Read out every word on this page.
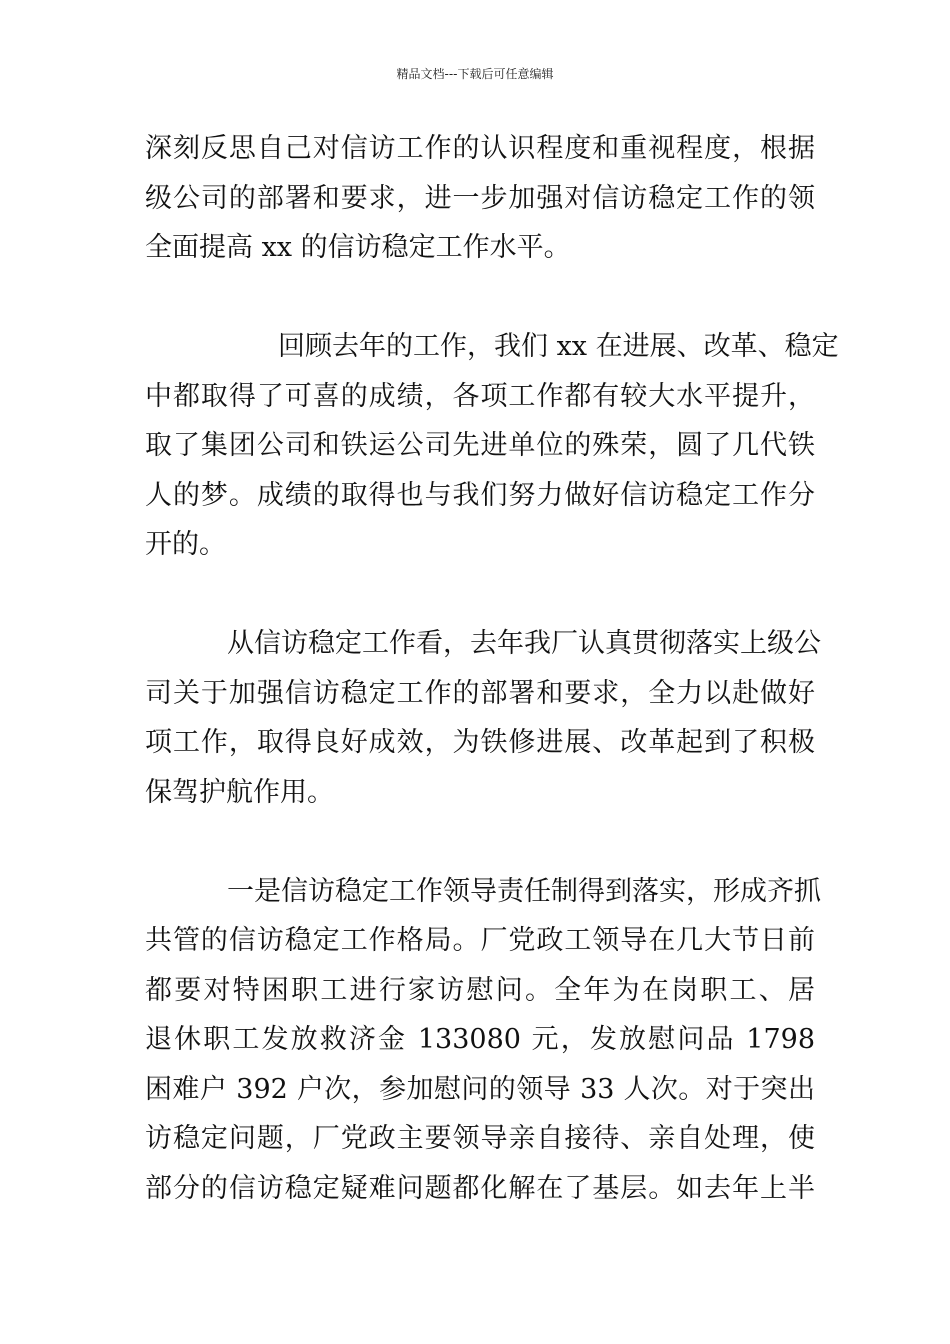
精品文档---下载后可任意编辑

深刻反思自己对信访工作的认识程度和重视程度，根据
级公司的部署和要求，进一步加强对信访稳定工作的领
全面提高 xx 的信访稳定工作水平。

回顾去年的工作，我们 xx 在进展、改革、稳定
中都取得了可喜的成绩，各项工作都有较大水平提升，
取了集团公司和铁运公司先进单位的殊荣，圆了几代铁
人的梦。成绩的取得也与我们努力做好信访稳定工作分
开的。

从信访稳定工作看，去年我厂认真贯彻落实上级公
司关于加强信访稳定工作的部署和要求，全力以赴做好
项工作，取得良好成效，为铁修进展、改革起到了积极
保驾护航作用。

一是信访稳定工作领导责任制得到落实，形成齐抓
共管的信访稳定工作格局。厂党政工领导在几大节日前
都要对特困职工进行家访慰问。全年为在岗职工、居
退休职工发放救济金 133080 元，发放慰问品 1798
困难户 392 户次，参加慰问的领导 33 人次。对于突出
访稳定问题，厂党政主要领导亲自接待、亲自处理，使
部分的信访稳定疑难问题都化解在了基层。如去年上半
